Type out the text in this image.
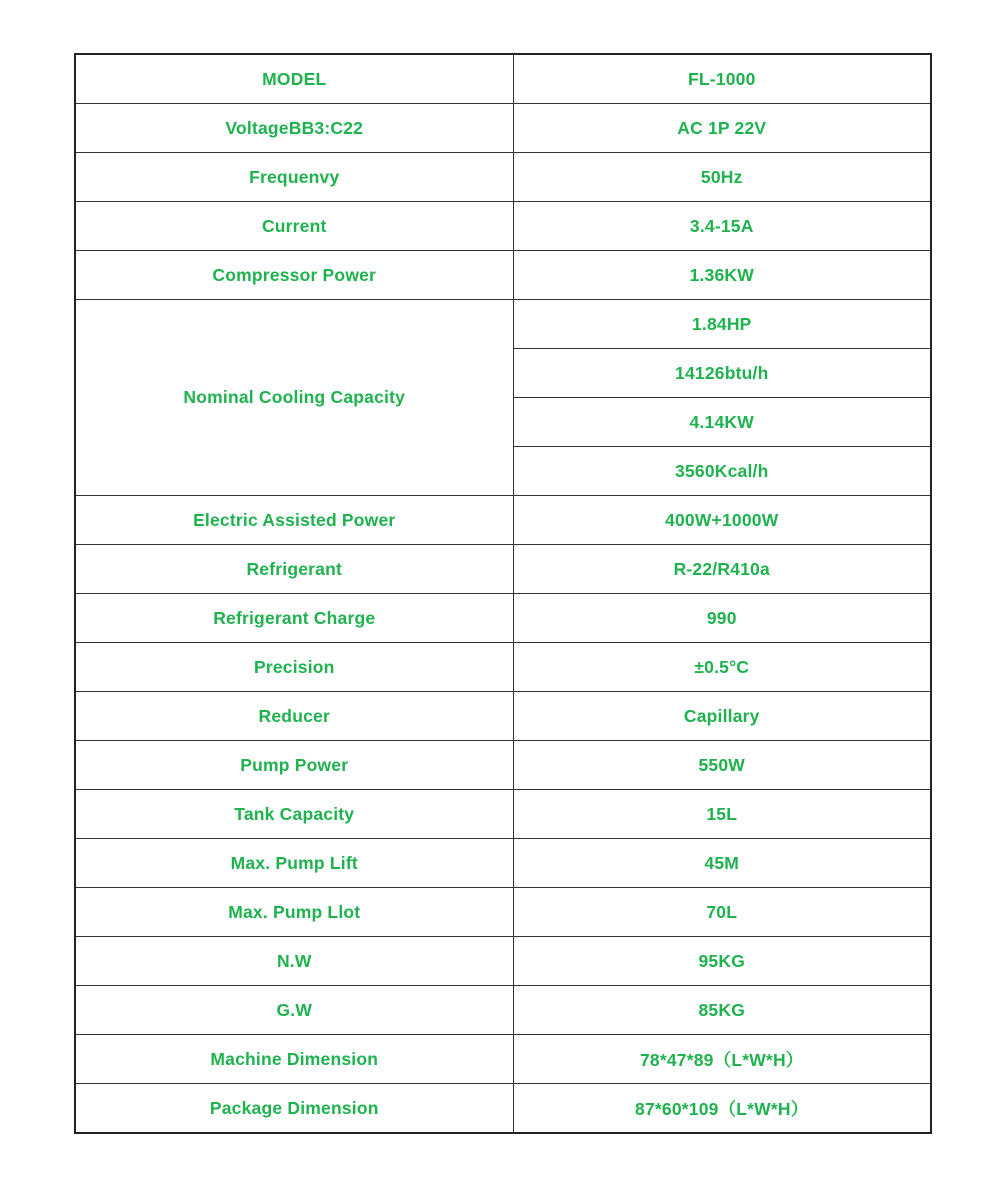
MODEL	FL-1000
VoltageBB3:C22	AC 1P 22V
Frequenvy	50Hz
Current	3.4-15A
Compressor Power	1.36KW
Nominal Cooling Capacity	1.84HP
	14126btu/h
	4.14KW
	3560Kcal/h
Electric Assisted Power	400W+1000W
Refrigerant	R-22/R410a
Refrigerant Charge	990
Precision	±0.5°C
Reducer	Capillary
Pump Power	550W
Tank Capacity	15L
Max. Pump Lift	45M
Max. Pump Llot	70L
N.W	95KG
G.W	85KG
Machine Dimension	78*47*89（L*W*H）
Package Dimension	87*60*109（L*W*H）
